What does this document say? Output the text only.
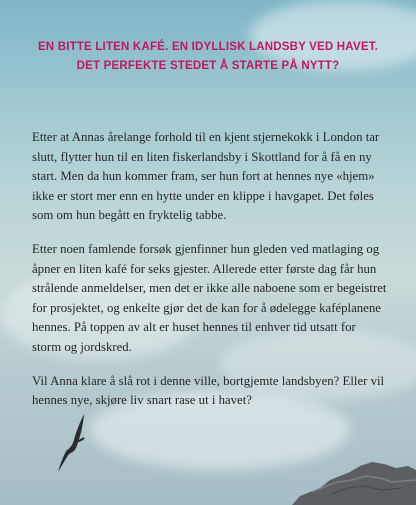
EN BITTE LITEN KAFÉ. EN IDYLLISK LANDSBY VED HAVET.
DET PERFEKTE STEDET Å STARTE PÅ NYTT?

Etter at Annas årelange forhold til en kjent stjernekokk i London tar slutt, flytter hun til en liten fiskerlandsby i Skottland for å få en ny start. Men da hun kommer fram, ser hun fort at hennes nye «hjem» ikke er stort mer enn en hytte under en klippe i havgapet. Det føles som om hun begått en fryktelig tabbe.

Etter noen famlende forsøk gjenfinner hun gleden ved matlaging og åpner en liten kafé for seks gjester. Allerede etter første dag får hun strålende anmeldelser, men det er ikke alle naboene som er begeistret for prosjektet, og enkelte gjør det de kan for å ødelegge kaféplanene hennes. På toppen av alt er huset hennes til enhver tid utsatt for storm og jordskred.

Vil Anna klare å slå rot i denne ville, bortgjemte landsbyen? Eller vil hennes nye, skjøre liv snart rase ut i havet?
